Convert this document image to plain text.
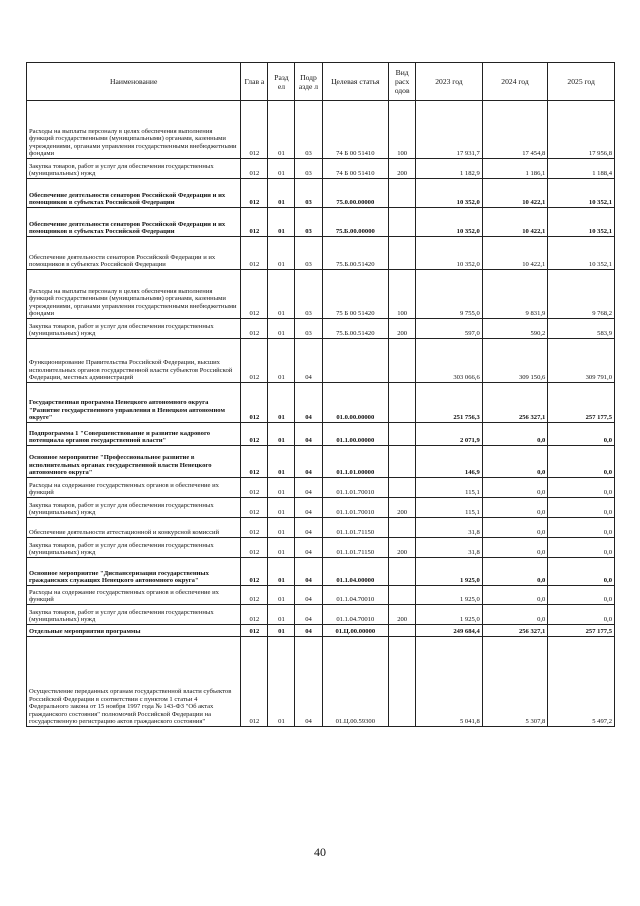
Наименование	Глав а	Разд ел	Подр азде л	Целевая статья	Вид расх одов	2023 год	2024 год	2025 год
Расходы на выплаты персоналу в целях обеспечения выполнения функций государственными (муниципальными) органами, казенными учреждениями, органами управления государственными внебюджетными фондами	012	01	03	74 Б 00 51410	100	17 931,7	17 454,8	17 956,8
Закупка товаров, работ и услуг для обеспечения государственных (муниципальных) нужд	012	01	03	74 Б 00 51410	200	1 182,9	1 186,1	1 188,4
Обеспечение деятельности сенаторов Российской Федерации и их помощников в субъектах Российской Федерации	012	01	03	75.0.00.00000		10 352,0	10 422,1	10 352,1
Обеспечение деятельности сенаторов Российской Федерации и их помощников в субъектах Российской Федерации	012	01	03	75.Б.00.00000		10 352,0	10 422,1	10 352,1
Обеспечение деятельности сенаторов Российской Федерации и их помощников в субъектах Российской Федерации	012	01	03	75.Б.00.51420		10 352,0	10 422,1	10 352,1
Расходы на выплаты персоналу в целях обеспечения выполнения функций государственными (муниципальными) органами, казенными учреждениями, органами управления государственными внебюджетными фондами	012	01	03	75 Б 00 51420	100	9 755,0	9 831,9	9 768,2
Закупка товаров, работ и услуг для обеспечения государственных (муниципальных) нужд	012	01	03	75.Б.00.51420	200	597,0	590,2	583,9
Функционирование Правительства Российской Федерации, высших исполнительных органов государственной власти субъектов Российской Федерации, местных администраций	012	01	04			303 066,6	309 150,6	309 791,0
Государственная программа Ненецкого автономного округа "Развитие государственного управления в Ненецком автономном округе"	012	01	04	01.0.00.00000		251 756,3	256 327,1	257 177,5
Подпрограмма 1 "Совершенствование и развитие кадрового потенциала органов государственной власти"	012	01	04	01.1.00.00000		2 071,9	0,0	0,0
Основное мероприятие "Профессиональное развитие в исполнительных органах государственной власти Ненецкого автономного округа"	012	01	04	01.1.01.00000		146,9	0,0	0,0
Расходы на содержание государственных органов и обеспечение их функций	012	01	04	01.1.01.70010		115,1	0,0	0,0
Закупка товаров, работ и услуг для обеспечения государственных (муниципальных) нужд	012	01	04	01.1.01.70010	200	115,1	0,0	0,0
Обеспечение деятельности аттестационной и конкурсной комиссий	012	01	04	01.1.01.71150		31,8	0,0	0,0
Закупка товаров, работ и услуг для обеспечения государственных (муниципальных) нужд	012	01	04	01.1.01.71150	200	31,8	0,0	0,0
Основное мероприятие "Диспансеризация государственных гражданских служащих Ненецкого автономного округа"	012	01	04	01.1.04.00000		1 925,0	0,0	0,0
Расходы на содержание государственных органов и обеспечение их функций	012	01	04	01.1.04.70010		1 925,0	0,0	0,0
Закупка товаров, работ и услуг для обеспечения государственных (муниципальных) нужд	012	01	04	01.1.04.70010	200	1 925,0	0,0	0,0
Отдельные мероприятия программы	012	01	04	01.Ц.00.00000		249 684,4	256 327,1	257 177,5
Осуществление переданных органам государственной власти субъектов Российской Федерации в соответствии с пунктом 1 статьи 4 Федерального закона от 15 ноября 1997 года № 143-ФЗ "Об актах гражданского состояния" полномочий Российской Федерации на государственную регистрацию актов гражданского состояния"	012	01	04	01.Ц.00.59300		5 041,8	5 307,8	5 497,2
40
